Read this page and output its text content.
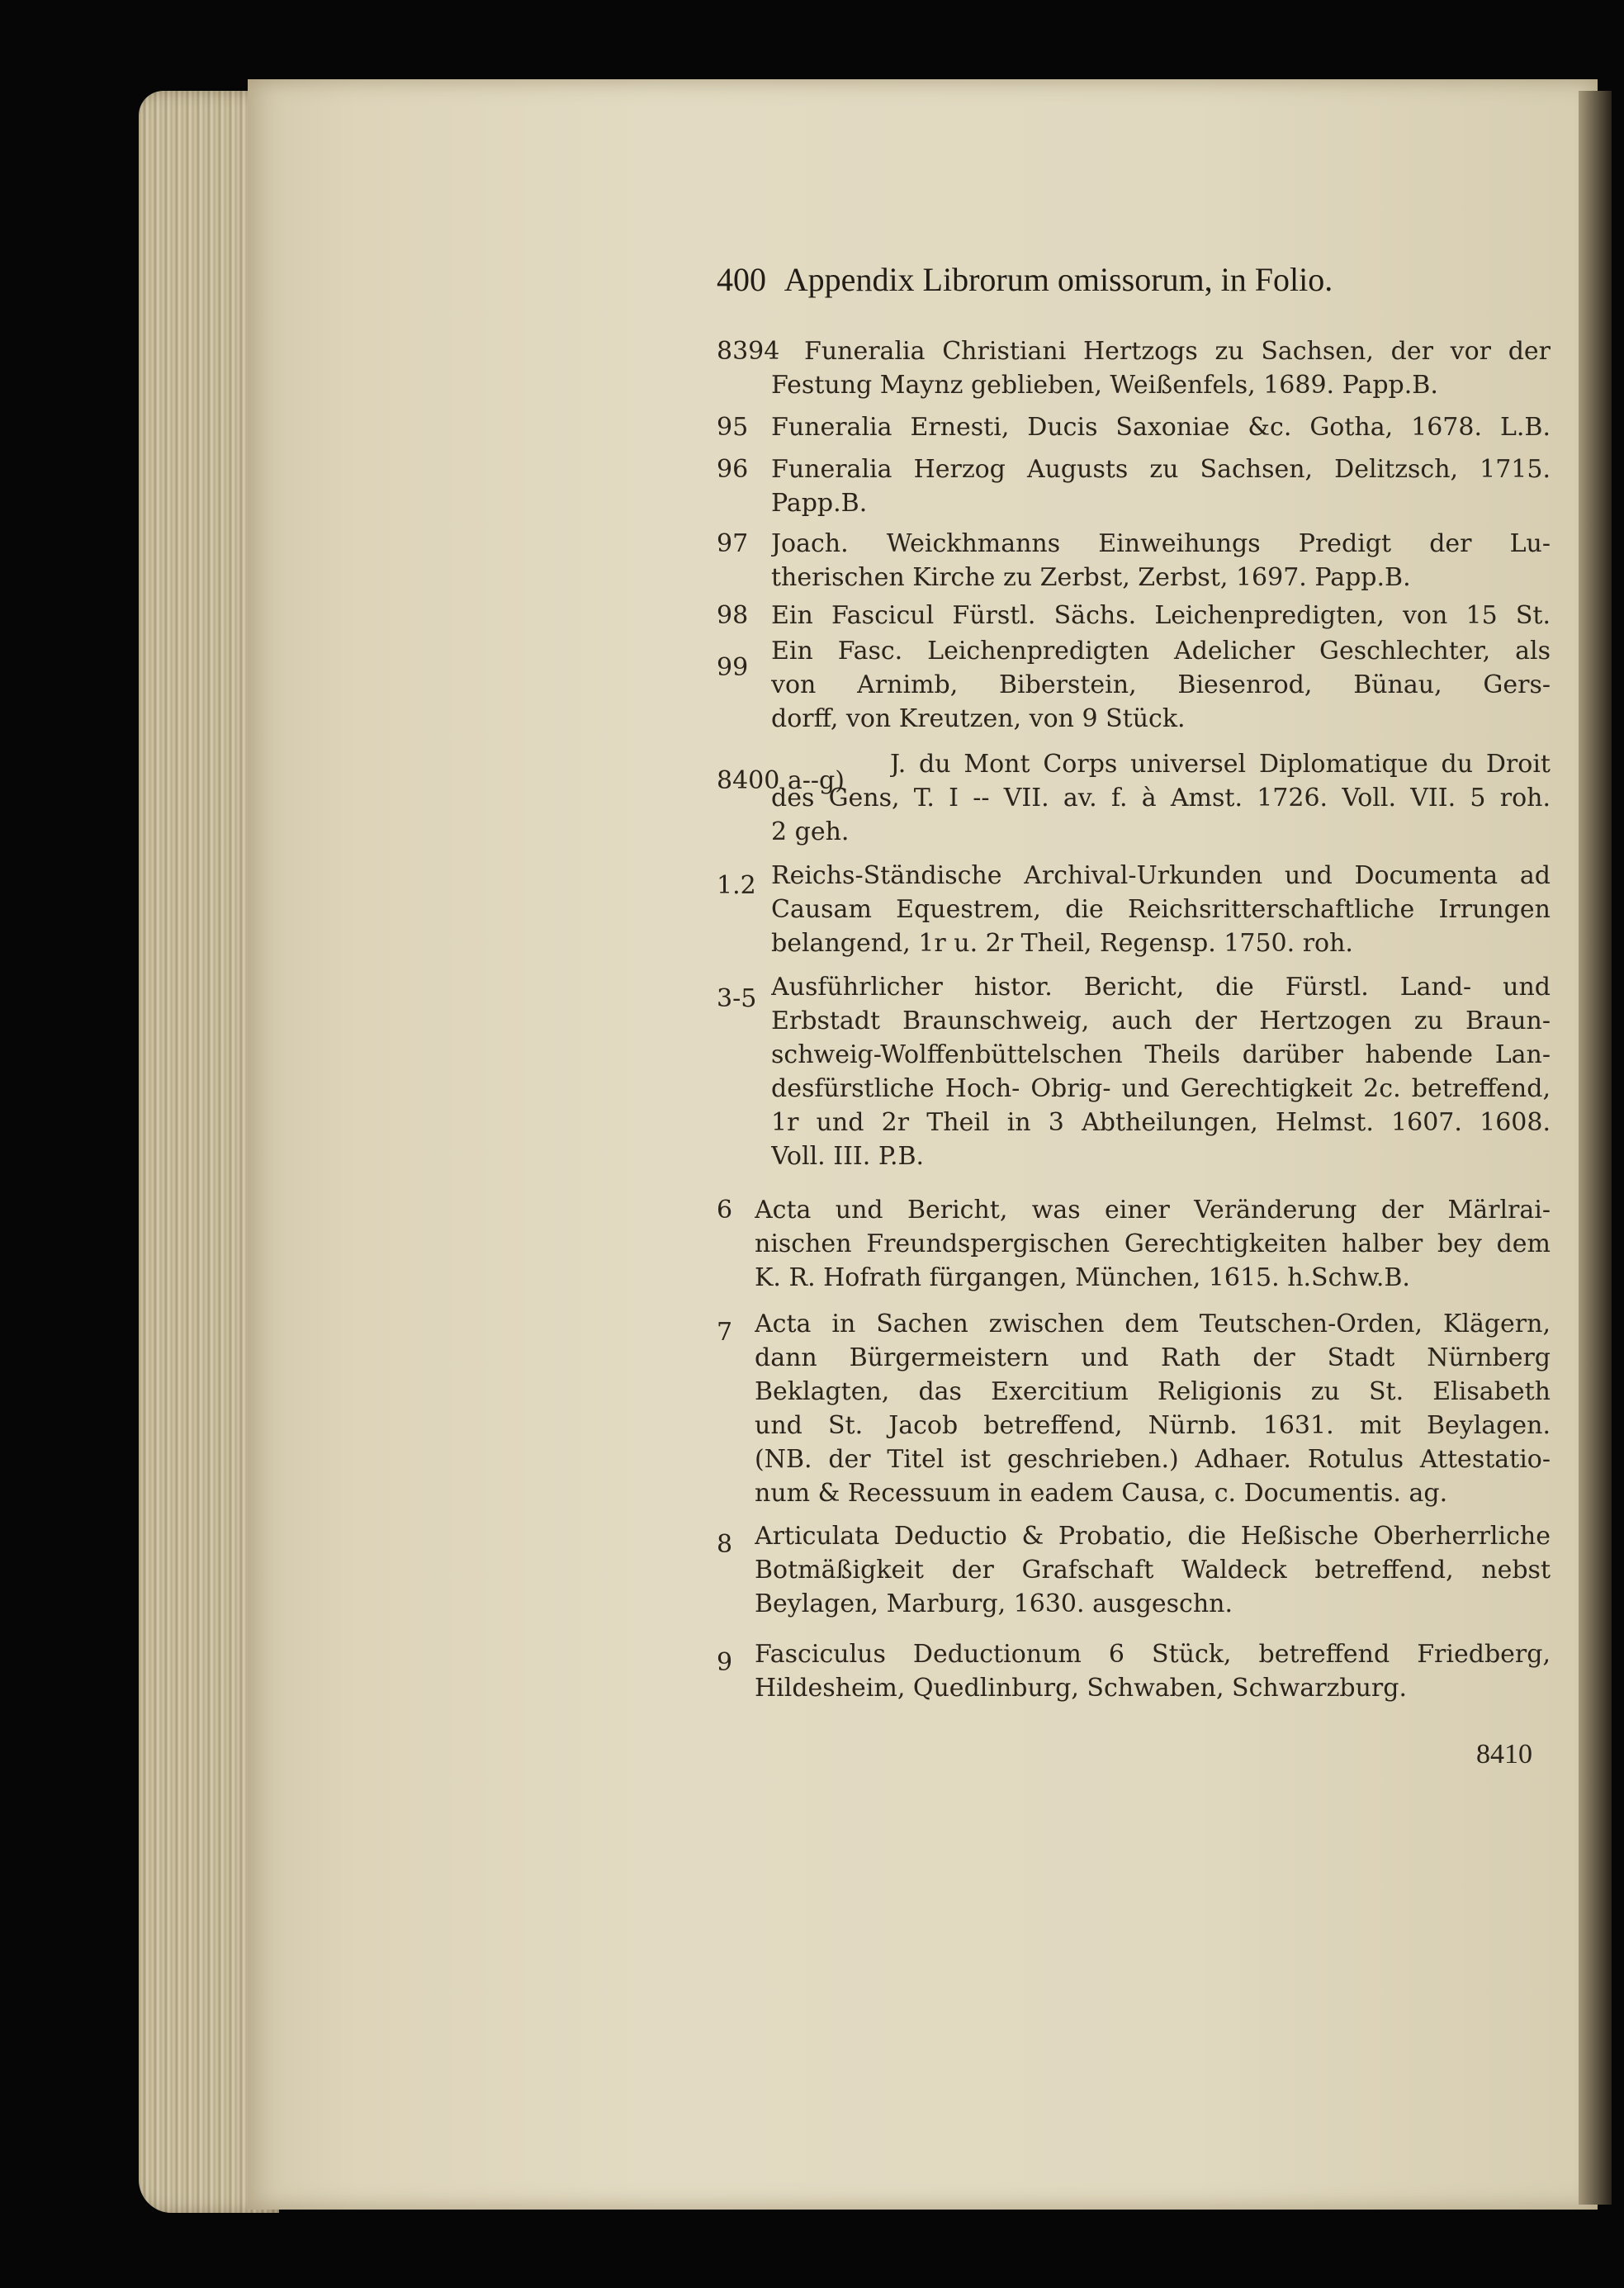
400 Appendix Librorum omissorum, in Folio.
8394 Funeralia Christiani Hertzogs zu Sachsen, der vor der
Festung Maynz geblieben, Weißenfels, 1689. Papp.B.
95 Funeralia Ernesti, Ducis Saxoniae &c. Gotha, 1678. L.B.
96 Funeralia Herzog Augusts zu Sachsen, Delitzsch, 1715.
Papp.B.
97 Joach. Weickhmanns Einweihungs Predigt der Lu-
therischen Kirche zu Zerbst, Zerbst, 1697. Papp.B.
98 Ein Fascicul Fürstl. Sächs. Leichenpredigten, von 15 St.
99
Ein Fasc. Leichenpredigten Adelicher Geschlechter, als
von Arnimb, Biberstein, Biesenrod, Bünau, Gers-
dorff, von Kreutzen, von 9 Stück.
8400 a--g)
J. du Mont Corps universel Diplomatique du Droit
des Gens, T. I -- VII. av. f. à Amst. 1726. Voll. VII. 5 roh.
2 geh.
1.2 Reichs-Ständische Archival-Urkunden und Documenta ad
Causam Equestrem, die Reichsritterschaftliche Irrungen
belangend, 1r u. 2r Theil, Regensp. 1750. roh.
3-5 Ausführlicher histor. Bericht, die Fürstl. Land- und
Erbstadt Braunschweig, auch der Hertzogen zu Braun-
schweig-Wolffenbüttelschen Theils darüber habende Lan-
desfürstliche Hoch- Obrig- und Gerechtigkeit 2c. betreffend,
1r und 2r Theil in 3 Abtheilungen, Helmst. 1607. 1608.
Voll. III. P.B.
6 Acta und Bericht, was einer Veränderung der Märlrai-
nischen Freundspergischen Gerechtigkeiten halber bey dem
K. R. Hofrath fürgangen, München, 1615. h.Schw.B.
7 Acta in Sachen zwischen dem Teutschen-Orden, Klägern,
dann Bürgermeistern und Rath der Stadt Nürnberg
Beklagten, das Exercitium Religionis zu St. Elisabeth
und St. Jacob betreffend, Nürnb. 1631. mit Beylagen.
(NB. der Titel ist geschrieben.) Adhaer. Rotulus Attestatio-
num & Recessuum in eadem Causa, c. Documentis. ag.
8 Articulata Deductio & Probatio, die Heßische Oberherrliche
Botmäßigkeit der Grafschaft Waldeck betreffend, nebst
Beylagen, Marburg, 1630. ausgeschn.
9 Fasciculus Deductionum 6 Stück, betreffend Friedberg,
Hildesheim, Quedlinburg, Schwaben, Schwarzburg.
8410
